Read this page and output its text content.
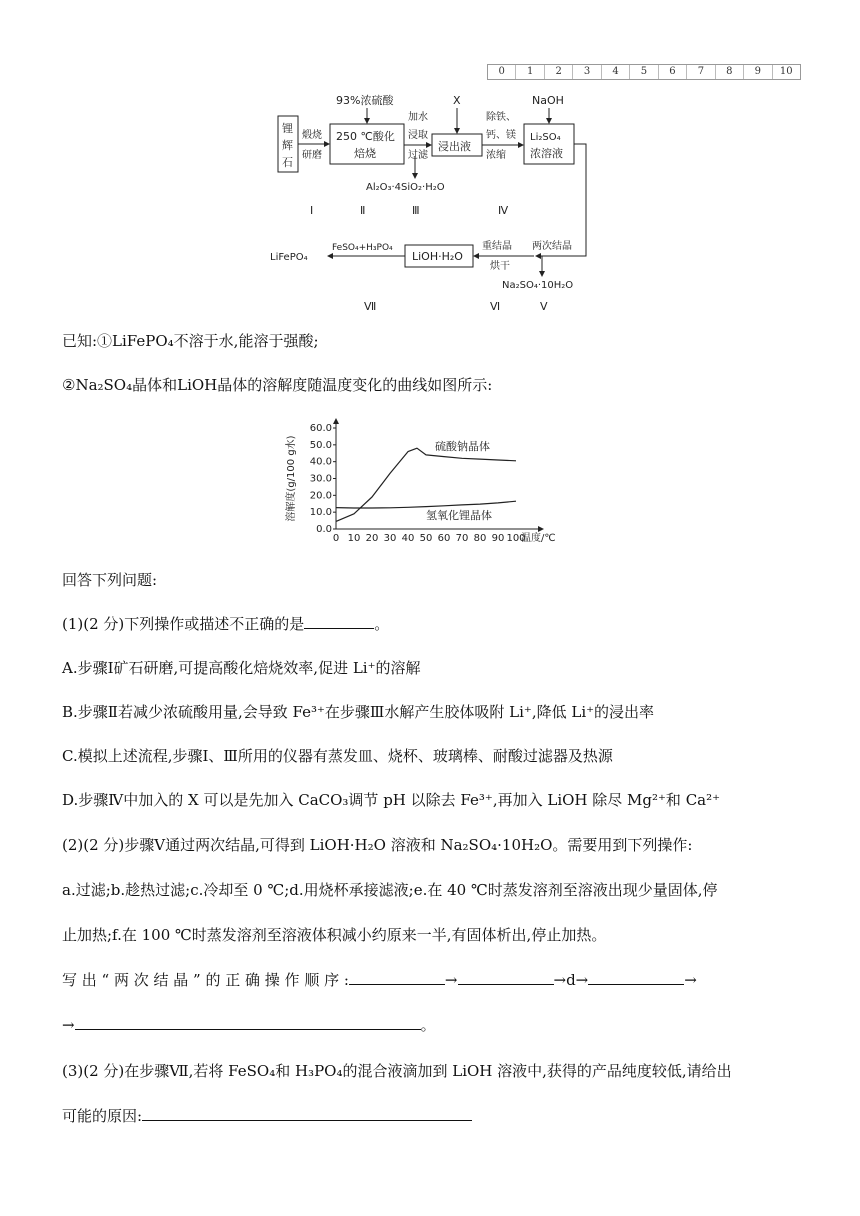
0	1	2	3	4	5	6	7	8	9	10
锂
辉
石
煅烧
研磨
93%浓硫酸
250 ℃酸化
焙烧
加水
浸取
过滤
Al₂O₃·4SiO₂·H₂O
X
浸出液
除铁、
钙、镁
浓缩
NaOH
Li₂SO₄
浓溶液
两次结晶
Na₂SO₄·10H₂O
重结晶
烘干
LiOH·H₂O
FeSO₄+H₃PO₄
LiFePO₄
Ⅰ	Ⅱ	Ⅲ	Ⅳ
Ⅴ
Ⅵ
Ⅶ
已知:①LiFePO₄不溶于水,能溶于强酸;
②Na₂SO₄晶体和LiOH晶体的溶解度随温度变化的曲线如图所示:
0.0
10.0
20.0
30.0
40.0
50.0
60.0
0 10 20 30 40 50 60 70 80 90 100
温度/℃
溶解度(g/100 g水)	硫酸钠晶体
氢氧化锂晶体
回答下列问题:
(1)(2 分)下列操作或描述不正确的是	。
A.步骤Ⅰ矿石研磨,可提高酸化焙烧效率,促进 Li⁺的溶解
B.步骤Ⅱ若减少浓硫酸用量,会导致 Fe³⁺在步骤Ⅲ水解产生胶体吸附 Li⁺,降低 Li⁺的浸出率
C.模拟上述流程,步骤Ⅰ、Ⅲ所用的仪器有蒸发皿、烧杯、玻璃棒、耐酸过滤器及热源
D.步骤Ⅳ中加入的 X 可以是先加入 CaCO₃调节 pH 以除去 Fe³⁺,再加入 LiOH 除尽 Mg²⁺和 Ca²⁺
(2)(2 分)步骤Ⅴ通过两次结晶,可得到 LiOH·H₂O 溶液和 Na₂SO₄·10H₂O。需要用到下列操作:
a.过滤;b.趁热过滤;c.冷却至 0 ℃;d.用烧杯承接滤液;e.在 40 ℃时蒸发溶剂至溶液出现少量固体,停
止加热;f.在 100 ℃时蒸发溶剂至溶液体积减小约原来一半,有固体析出,停止加热。
写 出 “ 两 次 结 晶 ” 的 正 确 操 作 顺 序 :	→	→d→	→
→	。
(3)(2 分)在步骤Ⅶ,若将 FeSO₄和 H₃PO₄的混合液滴加到 LiOH 溶液中,获得的产品纯度较低,请给出
可能的原因:
